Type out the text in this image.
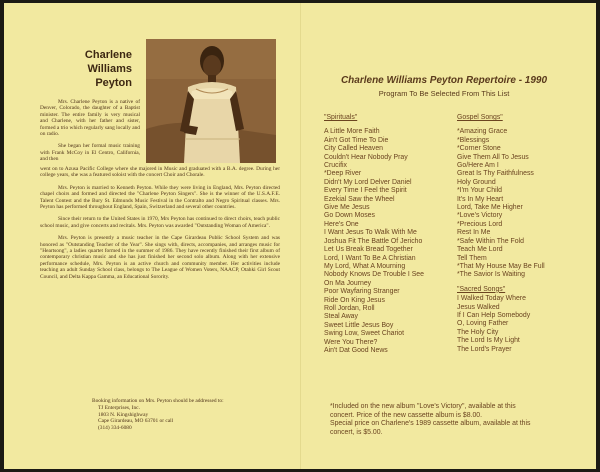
Charlene
Williams
Peyton

Mrs. Charlene Peyton is a native of Denver, Colorado, the daughter of a Baptist minister. The entire family is very musical and Charlene, with her father and sister, formed a trio which regularly sang locally and on radio.

She began her formal music training with Frank McCoy in El Centro, California, and then

went on to Azusa Pacific College where she majored in Music and graduated with a B.A. degree. During her college years, she was a featured soloist with the concert Choir and Chorale.

Mrs. Peyton is married to Kenneth Peyton. While they were living in England, Mrs. Peyton directed chapel choirs and formed and directed the "Charlene Peyton Singers". She is the winner of the U.S.A.F.E. Talent Contest and the Bury St. Edmunds Music Festival in the Contralto and Negro Spiritual classes. Mrs. Peyton has performed throughout England, Spain, Switzerland and several other countries.

Since their return to the United States in 1970, Mrs Peyton has continued to direct choirs, teach public school music, and give concerts and recitals. Mrs. Peyton was awarded "Outstanding Woman of America".

Mrs. Peyton is presently a music teacher in the Cape Girardeau Public School System and was honored as "Outstanding Teacher of the Year". She sings with, directs, accompanies, and arranges music for "Heartsong", a ladies quartet formed in the summer of 1986. They have recently finished their first album of contemporary christian music and she has just finished her second solo album. Along with her extensive performance schedule, Mrs. Peyton is an active church and community member. Her activities include teaching an adult Sunday School class, belongs to The League of Women Voters, NAACP, Otahki Girl Scout Council, and Delta Kappa Gamma, an Educational Sorority.

Booking information on Mrs. Peyton should be addressed to:
TJ Enterprises, Inc.
1803 N. Kingshighway
Cape Girardeau, MO 63701 or call
(314) 334-6080
Charlene Williams Peyton Repertoire - 1990
Program To Be Selected From This List
"Spirituals"
A Little More Faith
Ain't Got Time To Die
City Called Heaven
Couldn't Hear Nobody Pray
Crucifix
*Deep River
Didn't My Lord Delver Daniel
Every Time I Feel the Spirit
Ezekial Saw the Wheel
Give Me Jesus
Go Down Moses
Here's One
I Want Jesus To Walk With Me
Joshua Fit The Battle Of Jericho
Let Us Break Bread Together
Lord, I Want To Be A Christian
My Lord, What A Mourning
Nobody Knows De Trouble I See
On Ma Journey
Poor Wayfaring Stranger
Ride On King Jesus
Roll Jordan, Roll
Steal Away
Sweet Little Jesus Boy
Swing Low, Sweet Chariot
Were You There?
Ain't Dat Good News
Gospel Songs"
*Amazing Grace
*Blessings
*Corner Stone
Give Them All To Jesus
Go/Here Am I
Great Is Thy Faithfulness
Holy Ground
*I'm Your Child
It's In My Heart
Lord, Take Me Higher
*Love's Victory
*Precious Lord
Rest In Me
*Safe Within The Fold
Teach Me Lord
Tell Them
*That My House May Be Full
*The Savior Is Waiting
"Sacred Songs"
I Walked Today Where
Jesus Walked
If I Can Help Somebody
O, Loving Father
The Holy City
The Lord Is My Light
The Lord's Prayer
*Included on the new album "Love's Victory", available at this
concert. Price of the new cassette album is $8.00.
Special price on Charlene's 1989 cassette album, available at this
concert, is $5.00.
